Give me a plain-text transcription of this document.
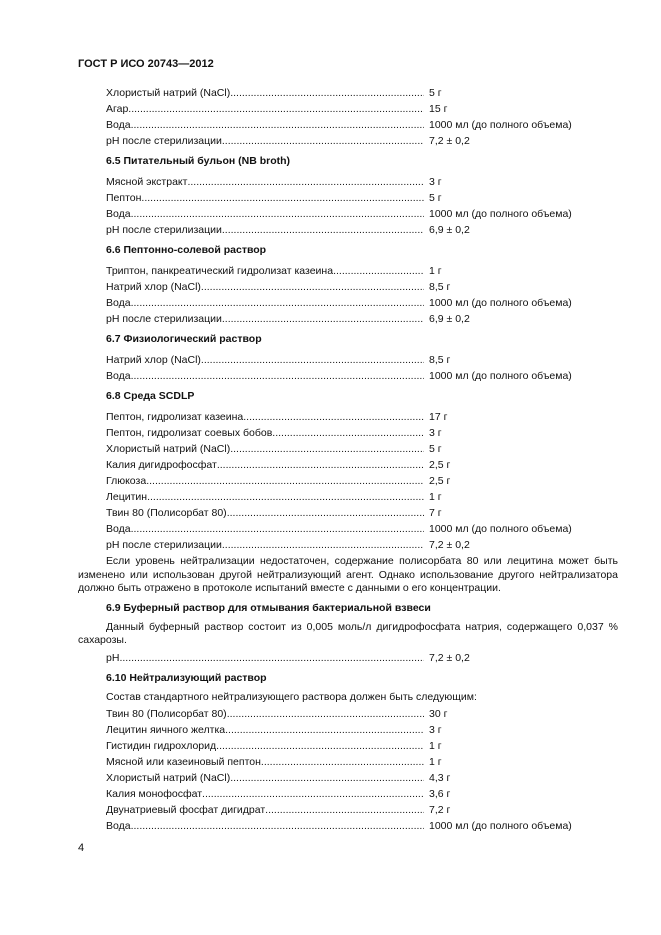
ГОСТ Р ИСО 20743—2012
Хлористый натрий (NaCl) .....	5 г
Агар .....	15 г
Вода .....	1000 мл (до полного объема)
pH после стерилизации .....	7,2 ± 0,2
6.5 Питательный бульон (NB broth)
Мясной экстракт .....	3 г
Пептон .....	5 г
Вода .....	1000 мл (до полного объема)
pH после стерилизации .....	6,9 ± 0,2
6.6 Пептонно-солевой раствор
Триптон, панкреатический гидролизат казеина .....	1 г
Натрий хлор (NaCl) .....	8,5 г
Вода .....	1000 мл (до полного объема)
pH после стерилизации .....	6,9 ± 0,2
6.7 Физиологический раствор
Натрий хлор (NaCl) .....	8,5 г
Вода .....	1000 мл (до полного объема)
6.8 Среда SCDLP
Пептон, гидролизат казеина .....	17 г
Пептон, гидролизат соевых бобов .....	3 г
Хлористый натрий (NaCl) .....	5 г
Калия дигидрофосфат .....	2,5 г
Глюкоза .....	2,5 г
Лецитин .....	1 г
Твин 80 (Полисорбат 80) .....	7 г
Вода .....	1000 мл (до полного объема)
pH после стерилизации .....	7,2 ± 0,2
Если уровень нейтрализации недостаточен, содержание полисорбата 80 или лецитина может быть изменено или использован другой нейтрализующий агент. Однако использование другого нейтрализатора должно быть отражено в протоколе испытаний вместе с данными о его концентрации.
6.9 Буферный раствор для отмывания бактериальной взвеси
Данный буферный раствор состоит из 0,005 моль/л дигидрофосфата натрия, содержащего 0,037 % сахарозы.
pH .....	7,2 ± 0,2
6.10 Нейтрализующий раствор
Состав стандартного нейтрализующего раствора должен быть следующим:
Твин 80 (Полисорбат 80) .....	30 г
Лецитин яичного желтка .....	3 г
Гистидин гидрохлорид .....	1 г
Мясной или казеиновый пептон .....	1 г
Хлористый натрий (NaCl) .....	4,3 г
Калия монофосфат .....	3,6 г
Двунатриевый фосфат дигидрат .....	7,2 г
Вода .....	1000 мл (до полного объема)
4
